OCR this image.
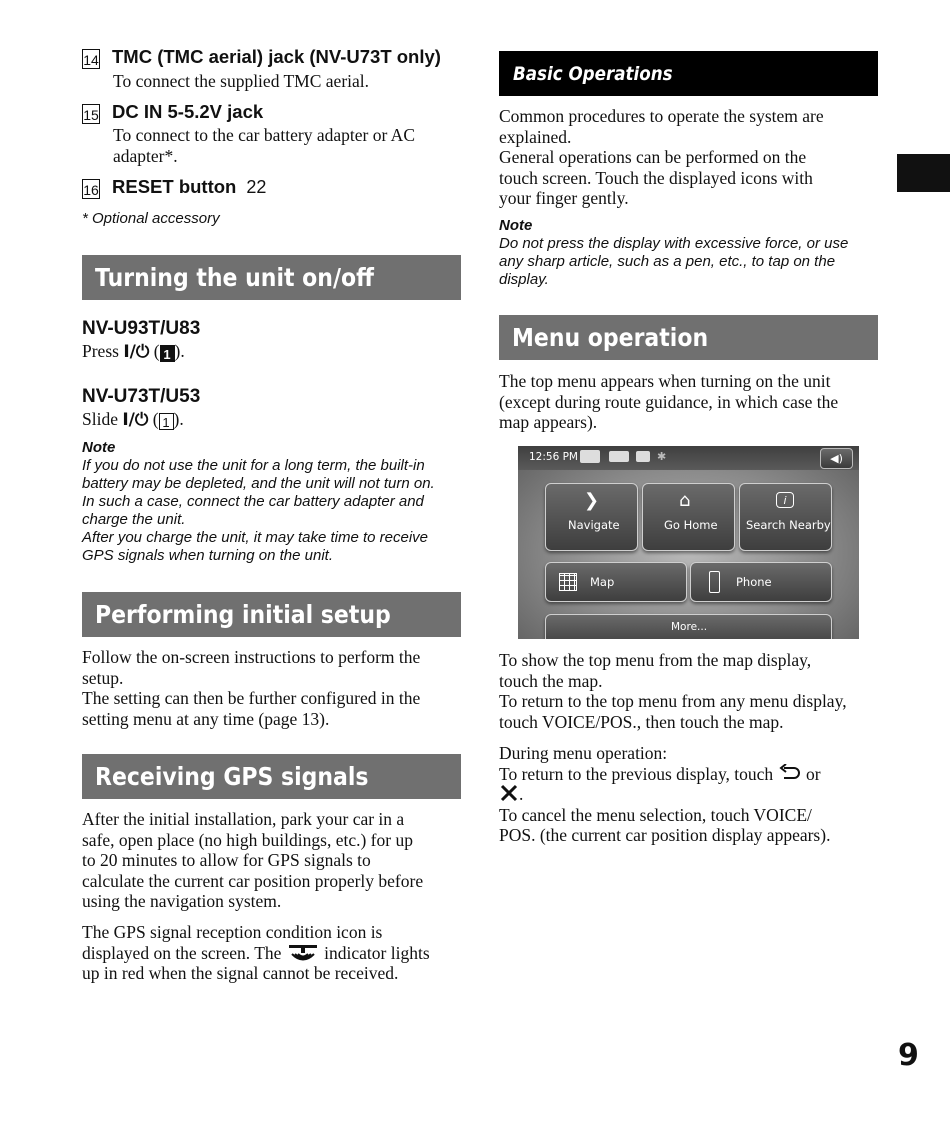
14 TMC (TMC aerial) jack (NV-U73T only)
To connect the supplied TMC aerial.
15 DC IN 5-5.2V jack
To connect to the car battery adapter or AC
adapter*.
16 RESET button 22
* Optional accessory
Turning the unit on/off
NV-U93T/U83
Press I/⏻ ( 1 ).
NV-U73T/U53
Slide I/⏻ ( 1 ).
Note
If you do not use the unit for a long term, the built-in
battery may be depleted, and the unit will not turn on.
In such a case, connect the car battery adapter and
charge the unit.
After you charge the unit, it may take time to receive
GPS signals when turning on the unit.
Performing initial setup
Follow the on-screen instructions to perform the
setup.
The setting can then be further configured in the
setting menu at any time (page 13).
Receiving GPS signals
After the initial installation, park your car in a
safe, open place (no high buildings, etc.) for up
to 20 minutes to allow for GPS signals to
calculate the current car position properly before
using the navigation system.
The GPS signal reception condition icon is
displayed on the screen. The indicator lights
up in red when the signal cannot be received.
Basic Operations
Common procedures to operate the system are
explained.
General operations can be performed on the
touch screen. Touch the displayed icons with
your finger gently.
Note
Do not press the display with excessive force, or use
any sharp article, such as a pen, etc., to tap on the
display.
Menu operation
The top menu appears when turning on the unit
(except during route guidance, in which case the
map appears).
12:56 PM	✱	◀)
❯
Navigate
⌂
Go Home
i
Search Nearby
Map	Phone
More...
To show the top menu from the map display,
touch the map.
To return to the top menu from any menu display,
touch VOICE/POS., then touch the map.
During menu operation:
To return to the previous display, touch or
.
To cancel the menu selection, touch VOICE/
POS. (the current car position display appears).
9
